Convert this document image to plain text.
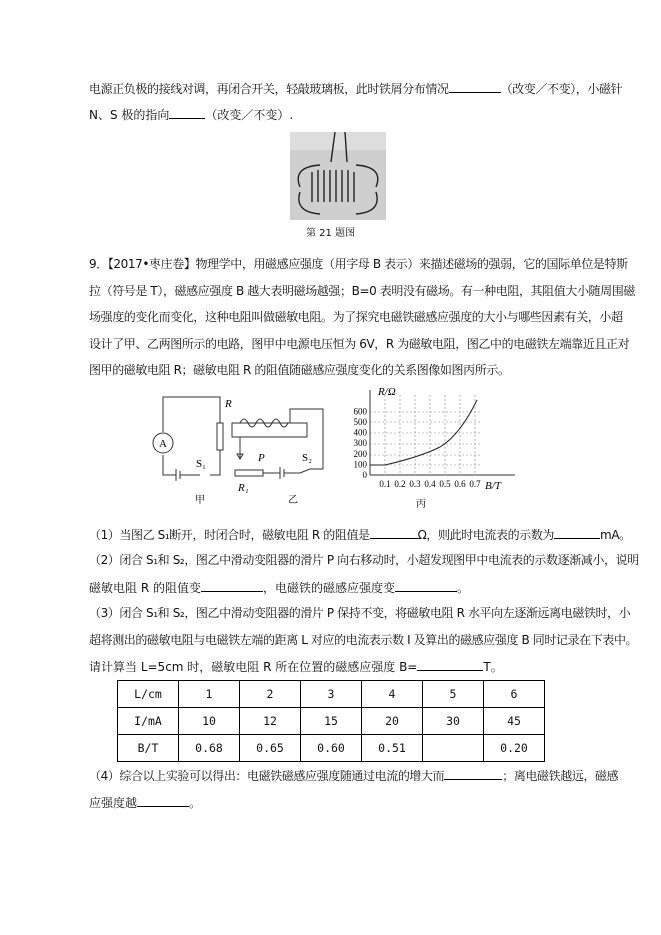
电源正负极的接线对调，再闭合开关，轻敲玻璃板，此时铁屑分布情况	（改变／不变），小磁针
N、S 极的指向	（改变／不变）.
第 21 题图
9．【2017•枣庄卷】物理学中，用磁感应强度（用字母 B 表示）来描述磁场的强弱，它的国际单位是特斯
拉（符号是 T），磁感应强度 B 越大表明磁场越强；B=0 表明没有磁场。有一种电阻，其阻值大小随周围磁
场强度的变化而变化，这种电阻叫做磁敏电阻。为了探究电磁铁磁感应强度的大小与哪些因素有关，小超
设计了甲、乙两图所示的电路，图甲中电源电压恒为 6V，R 为磁敏电阻，图乙中的电磁铁左端靠近且正对
图甲的磁敏电阻 R；磁敏电阻 R 的阻值随磁感应强度变化的关系图像如图丙所示。
A
R
S₁	S₂
P
R₁
甲	乙	丙
R/Ω
B/T
0
100
200
300
400
500
600
0.1 0.2 0.3 0.4 0.5 0.6 0.7
（1）当图乙 S₁断开，时闭合时，磁敏电阻 R 的阻值是	Ω，则此时电流表的示数为	mA。
（2）闭合 S₁和 S₂，图乙中滑动变阻器的滑片 P 向右移动时，小超发现图甲中电流表的示数逐渐减小，说明
磁敏电阻 R 的阻值变	，电磁铁的磁感应强度变	。
（3）闭合 S₁和 S₂，图乙中滑动变阻器的滑片 P 保持不变，将磁敏电阻 R 水平向左逐渐远离电磁铁时，小
超将测出的磁敏电阻与电磁铁左端的距离 L 对应的电流表示数 I 及算出的磁感应强度 B 同时记录在下表中。
请计算当 L=5cm 时，磁敏电阻 R 所在位置的磁感应强度 B=	T。
L/cm	1	2	3	4	5	6
I/mA	10	12	15	20	30	45
B/T	0.68	0.65	0.60	0.51		0.20
（4）综合以上实验可以得出：电磁铁磁感应强度随通过电流的增大而	；离电磁铁越远，磁感
应强度越	。
